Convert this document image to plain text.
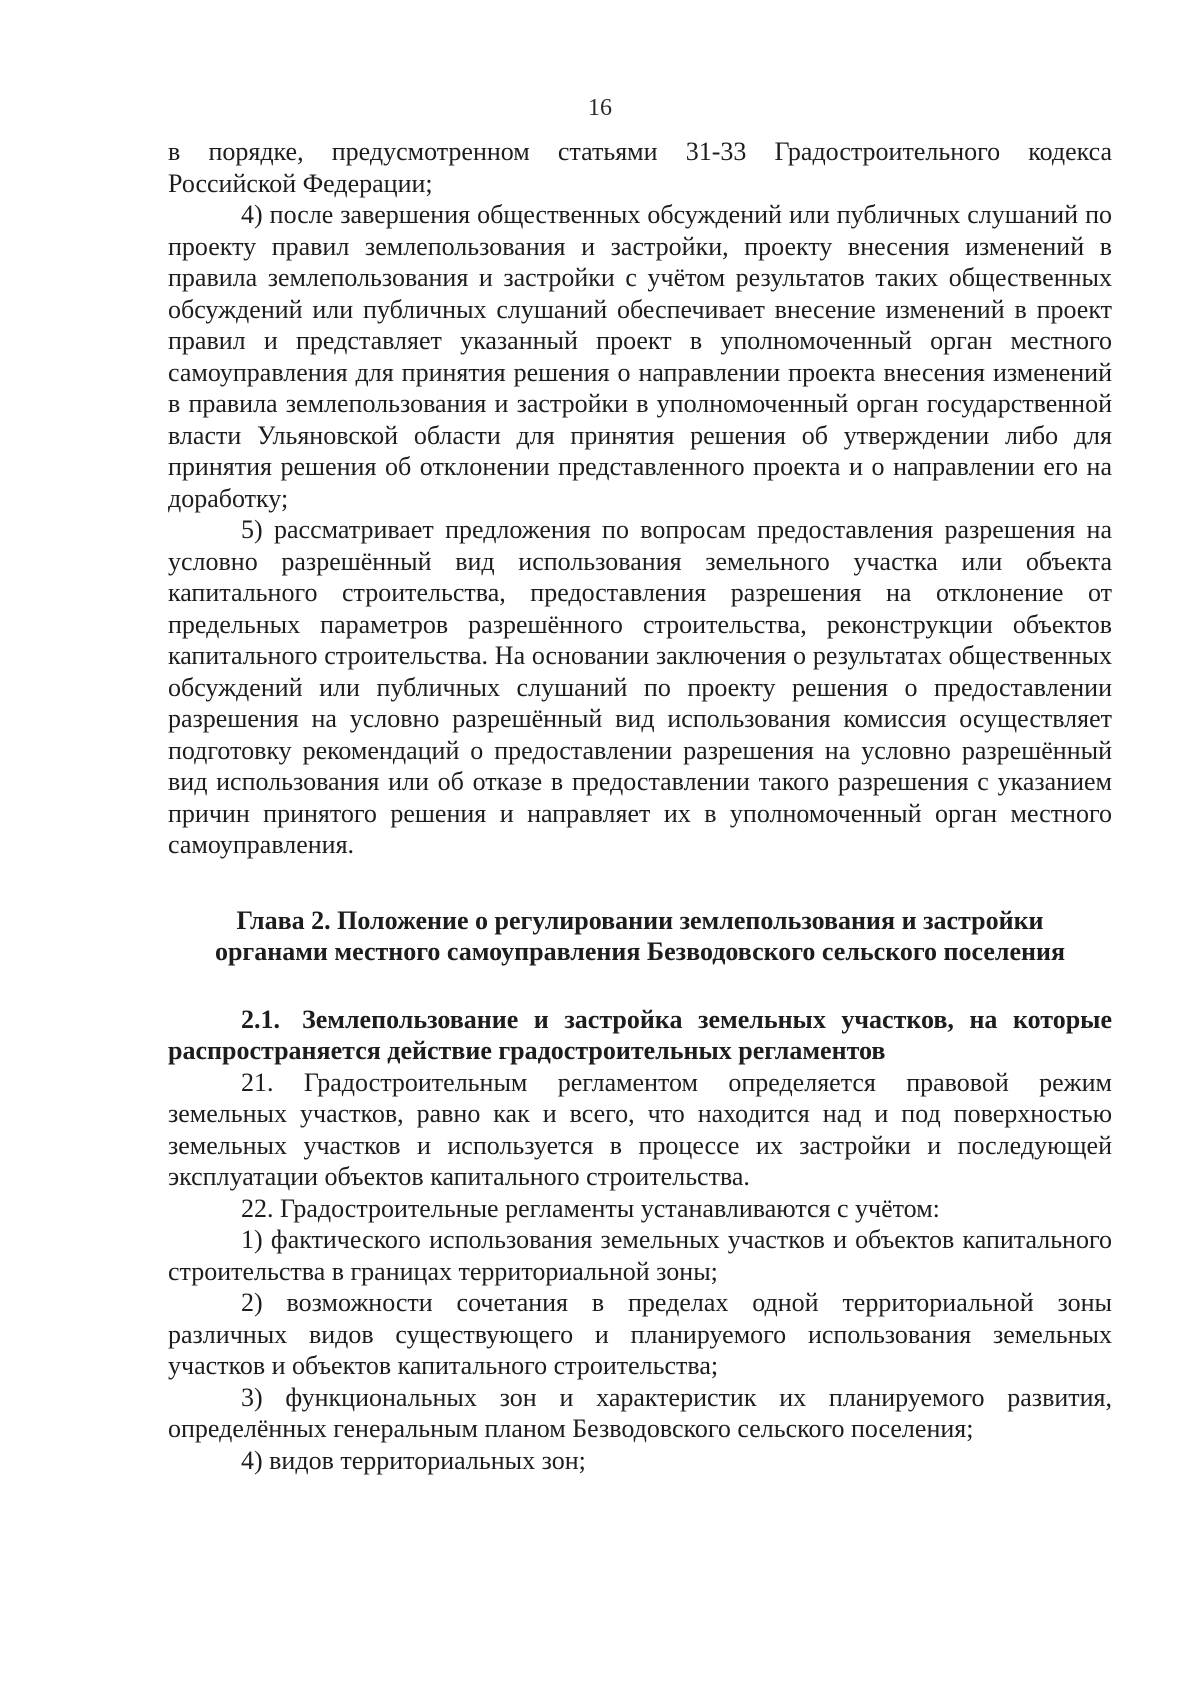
16

в порядке, предусмотренном статьями 31-33 Градостроительного кодекса Российской Федерации;

4) после завершения общественных обсуждений или публичных слушаний по проекту правил землепользования и застройки, проекту внесения изменений в правила землепользования и застройки с учётом результатов таких общественных обсуждений или публичных слушаний обеспечивает внесение изменений в проект правил и представляет указанный проект в уполномоченный орган местного самоуправления для принятия решения о направлении проекта внесения изменений в правила землепользования и застройки в уполномоченный орган государственной власти Ульяновской области для принятия решения об утверждении либо для принятия решения об отклонении представленного проекта и о направлении его на доработку;

5) рассматривает предложения по вопросам предоставления разрешения на условно разрешённый вид использования земельного участка или объекта капитального строительства, предоставления разрешения на отклонение от предельных параметров разрешённого строительства, реконструкции объектов капитального строительства. На основании заключения о результатах общественных обсуждений или публичных слушаний по проекту решения о предоставлении разрешения на условно разрешённый вид использования комиссия осуществляет подготовку рекомендаций о предоставлении разрешения на условно разрешённый вид использования или об отказе в предоставлении такого разрешения с указанием причин принятого решения и направляет их в уполномоченный орган местного самоуправления.

Глава 2. Положение о регулировании землепользования и застройки
органами местного самоуправления Безводовского сельского поселения

2.1. Землепользование и застройка земельных участков, на которые распространяется действие градостроительных регламентов

21. Градостроительным регламентом определяется правовой режим земельных участков, равно как и всего, что находится над и под поверхностью земельных участков и используется в процессе их застройки и последующей эксплуатации объектов капитального строительства.

22. Градостроительные регламенты устанавливаются с учётом:

1) фактического использования земельных участков и объектов капитального строительства в границах территориальной зоны;

2) возможности сочетания в пределах одной территориальной зоны различных видов существующего и планируемого использования земельных участков и объектов капитального строительства;

3) функциональных зон и характеристик их планируемого развития, определённых генеральным планом Безводовского сельского поселения;

4) видов территориальных зон;
